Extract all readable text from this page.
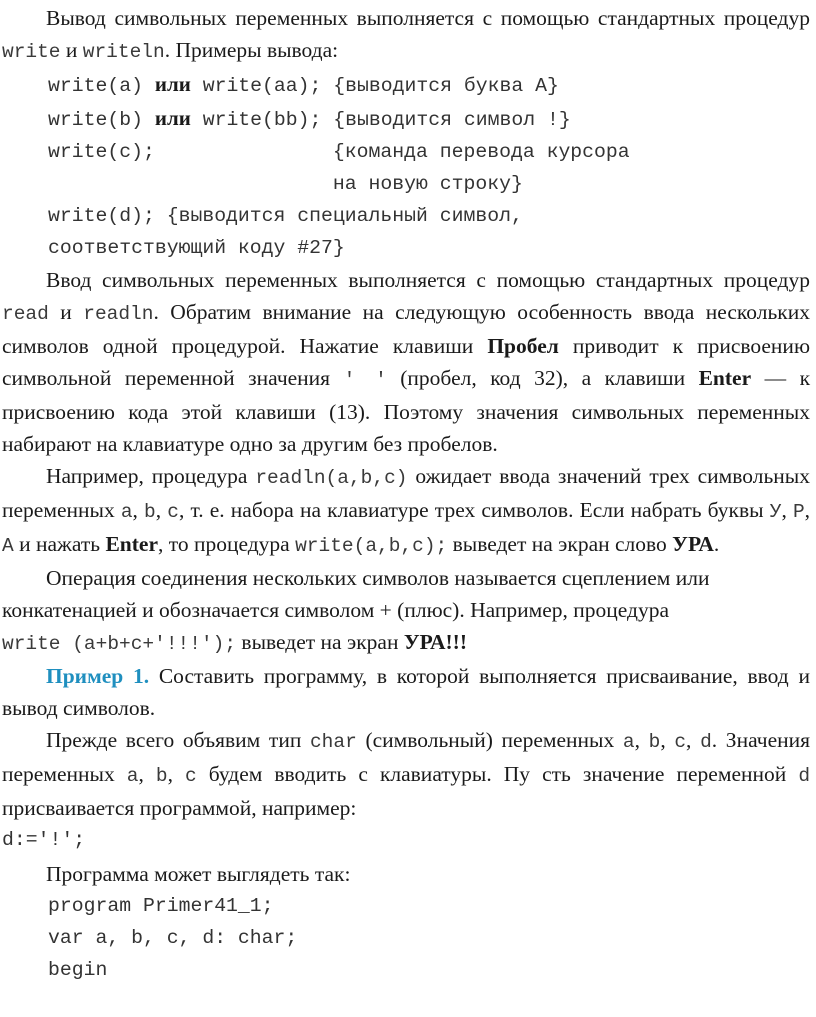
Вывод символьных переменных выполняется с помощью стандартных процедур write и writeln. Примеры вывода:

write(a) или write(aa); {выводится буква А}
write(b) или write(bb); {выводится символ !}
write(c);               {команда перевода курсора
на новую строку}
write(d); {выводится специальный символ,
соответствующий коду #27}

Ввод символьных переменных выполняется с помощью стандартных процедур read и readln. Обратим внимание на следующую особенность ввода нескольких символов одной процедурой. Нажатие клавиши Пробел приводит к присвоению символьной переменной значения ' ' (пробел, код 32), а клавиши Enter — к присвоению кода этой клавиши (13). Поэтому значения символьных переменных набирают на клавиатуре одно за другим без пробелов.

Например, процедура readln(a,b,c) ожидает ввода значений трех символьных переменных a, b, c, т. е. набора на клавиатуре трех символов. Если набрать буквы У, Р, А и нажать Enter, то процедура write(a,b,c); выведет на экран слово УРА.

Операция соединения нескольких символов называется сцеплением или конкатенацией и обозначается символом + (плюс). Например, процедура write (a+b+c+'!!!'); выведет на экран УРА!!!

Пример 1. Составить программу, в которой выполняется присваивание, ввод и вывод символов.

Прежде всего объявим тип char (символьный) переменных a, b, c, d. Значения переменных a, b, c будем вводить с клавиатуры. Пу сть значение переменной d присваивается программой, например:

d:='!';

Программа может выглядеть так:

program Primer41_1;
var a, b, c, d: char;
begin
